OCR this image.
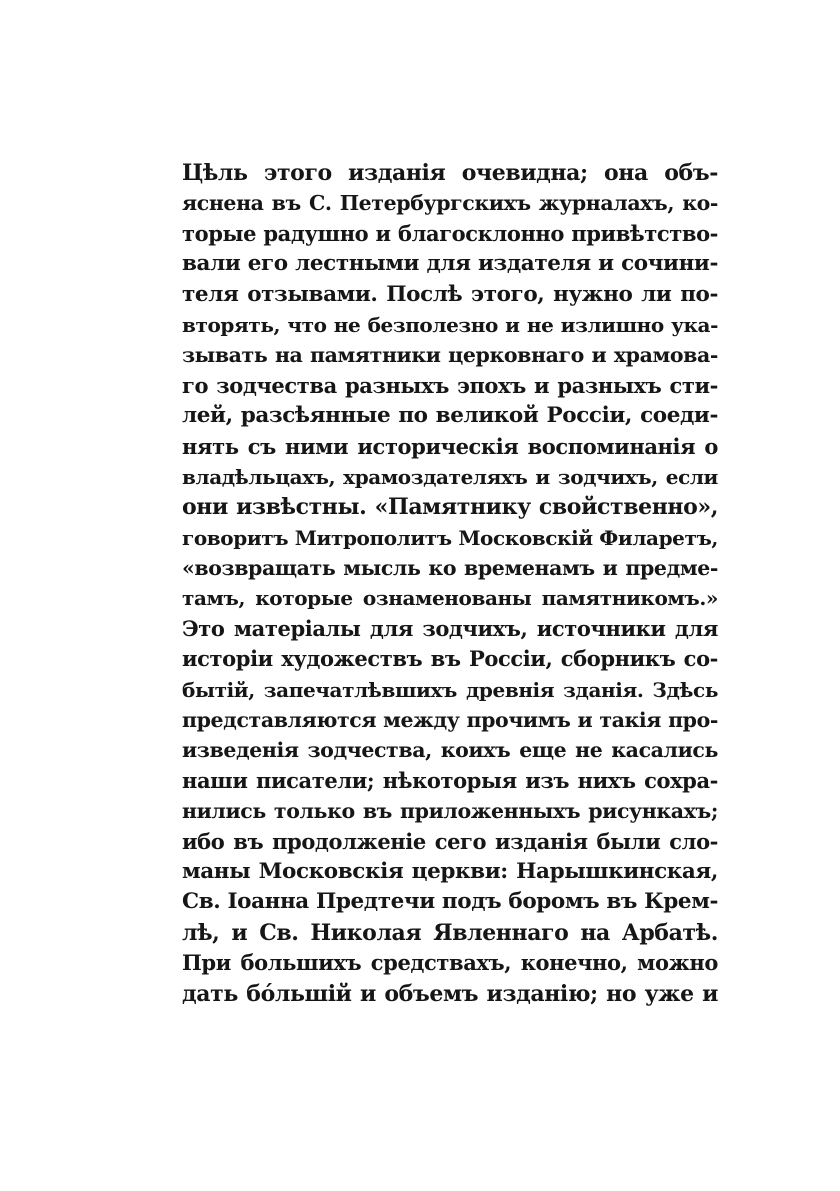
Цѣль этого изданія очевидна; она объ-
яснена въ С. Петербургскихъ журналахъ, ко-
торые радушно и благосклонно привѣтство-
вали его лестными для издателя и сочини-
теля отзывами. Послѣ этого, нужно ли по-
вторять, что не безполезно и не излишно ука-
зывать на памятники церковнаго и храмова-
го зодчества разныхъ эпохъ и разныхъ сти-
лей, разсѣянные по великой Россіи, соеди-
нять съ ними историческія воспоминанія о
владѣльцахъ, храмоздателяхъ и зодчихъ, если
они извѣстны. «Памятнику свойственно»,
говоритъ Митрополитъ Московскій Филаретъ,
«возвращать мысль ко временамъ и предме-
тамъ, которые ознаменованы памятникомъ.»
Это матеріалы для зодчихъ, источники для
исторіи художествъ въ Россіи, сборникъ со-
бытій, запечатлѣвшихъ древнія зданія. Здѣсь
представляются между прочимъ и такія про-
изведенія зодчества, коихъ еще не касались
наши писатели; нѣкоторыя изъ нихъ сохра-
нились только въ приложенныхъ рисункахъ;
ибо въ продолженіе сего изданія были сло-
маны Московскія церкви: Нарышкинская,
Св. Іоанна Предтечи подъ боромъ въ Крем-
лѣ, и Св. Николая Явленнаго на Арбатѣ.
При большихъ средствахъ, конечно, можно
дать бóльшій и объемъ изданію; но уже и
